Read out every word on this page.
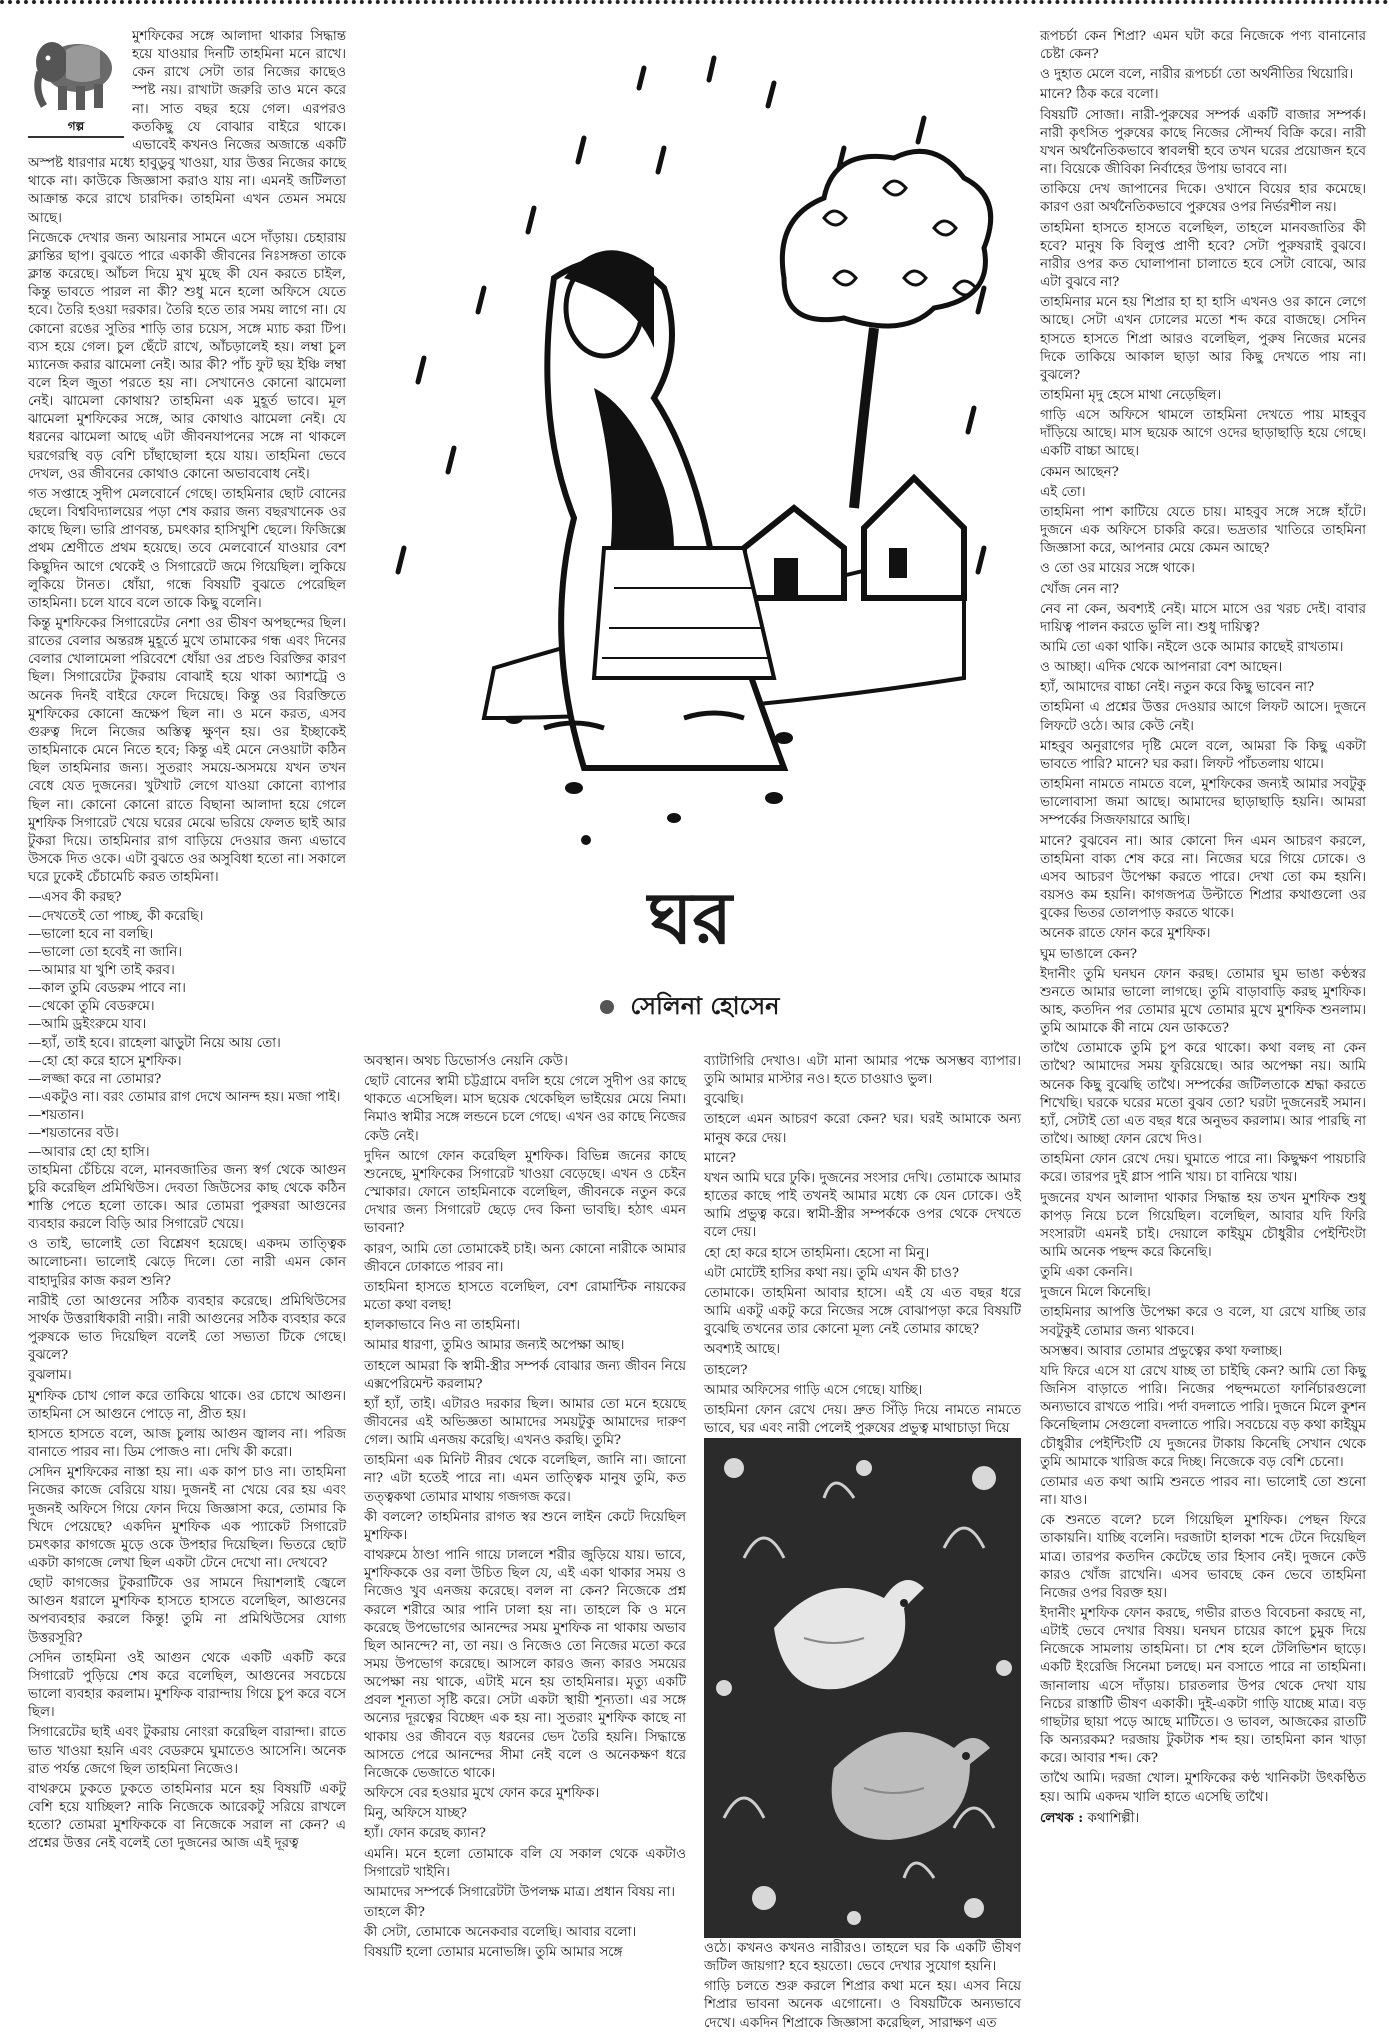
গল্প

মুশফিকের সঙ্গে আলাদা থাকার সিদ্ধান্ত হয়ে যাওয়ার দিনটি তাহমিনা মনে রাখে। কেন রাখে সেটা তার নিজের কাছেও স্পষ্ট নয়। রাখাটা জরুরি তাও মনে করে না। সাত বছর হয়ে গেল। এরপরও কতকিছু যে বোঝার বাইরে থাকে। এভাবেই কখনও নিজের অজান্তে একটি অস্পষ্ট ধারণার মধ্যে হাবুডুবু খাওয়া, যার উত্তর নিজের কাছে থাকে না। কাউকে জিজ্ঞাসা করাও যায় না। এমনই জটিলতা আক্রান্ত করে রাখে চারদিক। তাহমিনা এখন তেমন সময়ে আছে।

নিজেকে দেখার জন্য আয়নার সামনে এসে দাঁড়ায়। চেহারায় ক্লান্তির ছাপ। বুঝতে পারে একাকী জীবনের নিঃসঙ্গতা তাকে ক্লান্ত করেছে। আঁচল দিয়ে মুখ মুছে কী যেন করতে চাইল, কিন্তু ভাবতে পারল না কী? শুধু মনে হলো অফিসে যেতে হবে। তৈরি হওয়া দরকার। তৈরি হতে তার সময় লাগে না। যে কোনো রঙের সুতির শাড়ি তার চয়েস, সঙ্গে ম্যাচ করা টিপ। ব্যস হয়ে গেল। চুল ছেঁটে রাখে, আঁচড়ালেই হয়। লম্বা চুল ম্যানেজ করার ঝামেলা নেই। আর কী? পাঁচ ফুট ছয় ইঞ্চি লম্বা বলে হিল জুতা পরতে হয় না। সেখানেও কোনো ঝামেলা নেই। ঝামেলা কোথায়? তাহমিনা এক মুহূর্ত ভাবে। মূল ঝামেলা মুশফিকের সঙ্গে, আর কোথাও ঝামেলা নেই। যে ধরনের ঝামেলা আছে এটা জীবনযাপনের সঙ্গে না থাকলে ঘরগেরস্থি বড় বেশি চাঁছাছোলা হয়ে যায়। তাহমিনা ভেবে দেখল, ওর জীবনের কোথাও কোনো অভাববোধ নেই।

গত সপ্তাহে সুদীপ মেলবোর্নে গেছে। তাহমিনার ছোট বোনের ছেলে। বিশ্ববিদ্যালয়ের পড়া শেষ করার জন্য বছরখানেক ওর কাছে ছিল। ভারি প্রাণবন্ত, চমৎকার হাসিখুশি ছেলে। ফিজিক্সে প্রথম শ্রেণীতে প্রথম হয়েছে। তবে মেলবোর্নে যাওয়ার বেশ কিছুদিন আগে থেকেই ও সিগারেটে জমে গিয়েছিল। লুকিয়ে লুকিয়ে টানত। ধোঁয়া, গন্ধে বিষয়টি বুঝতে পেরেছিল তাহমিনা। চলে যাবে বলে তাকে কিছু বলেনি।

কিন্তু মুশফিকের সিগারেটের নেশা ওর ভীষণ অপছন্দের ছিল। রাতের বেলার অন্তরঙ্গ মুহূর্তে মুখে তামাকের গন্ধ এবং দিনের বেলার খোলামেলা পরিবেশে ধোঁয়া ওর প্রচণ্ড বিরক্তির কারণ ছিল। সিগারেটের টুকরায় বোঝাই হয়ে থাকা অ্যাশট্রে ও অনেক দিনই বাইরে ফেলে দিয়েছে। কিন্তু ওর বিরক্তিতে মুশফিকের কোনো ভ্রূক্ষেপ ছিল না। ও মনে করত, এসব গুরুত্ব দিলে নিজের অস্তিত্ব ক্ষুণ্ন হয়। ওর ইচ্ছাকেই তাহমিনাকে মেনে নিতে হবে; কিন্তু এই মেনে নেওয়াটা কঠিন ছিল তাহমিনার জন্য। সুতরাং সময়ে-অসময়ে যখন তখন বেধে যেত দুজনের। খুটখাট লেগে যাওয়া কোনো ব্যাপার ছিল না। কোনো কোনো রাতে বিছানা আলাদা হয়ে গেলে মুশফিক সিগারেট খেয়ে ঘরের মেঝে ভরিয়ে ফেলত ছাই আর টুকরা দিয়ে। তাহমিনার রাগ বাড়িয়ে দেওয়ার জন্য এভাবে উসকে দিত ওকে। এটা বুঝতে ওর অসুবিধা হতো না। সকালে ঘরে ঢুকেই চেঁচামেচি করত তাহমিনা।

—এসব কী করছ?
—দেখতেই তো পাচ্ছ, কী করেছি।
—ভালো হবে না বলছি।
—ভালো তো হবেই না জানি।
—আমার যা খুশি তাই করব।
—কাল তুমি বেডরুম পাবে না।
—থেকো তুমি বেডরুমে।
—আমি ড্রইংরুমে যাব।
—হ্যাঁ, তাই হবে। রাহেলা ঝাড়ুটা নিয়ে আয় তো।
—হো হো করে হাসে মুশফিক।
—লজ্জা করে না তোমার?
—একটুও না। বরং তোমার রাগ দেখে আনন্দ হয়। মজা পাই।
—শয়তান।
—শয়তানের বউ।
—আবার হো হো হাসি।

তাহমিনা চেঁচিয়ে বলে, মানবজাতির জন্য স্বর্গ থেকে আগুন চুরি করেছিল প্রমিথিউস। দেবতা জিউসের কাছ থেকে কঠিন শাস্তি পেতে হলো তাকে। আর তোমরা পুরুষরা আগুনের ব্যবহার করলে বিড়ি আর সিগারেট খেয়ে।

ও তাই, ভালোই তো বিশ্লেষণ হয়েছে। একদম তাত্ত্বিক আলোচনা। ভালোই ঝেড়ে দিলে। তো নারী এমন কোন বাহাদুরির কাজ করল শুনি?

নারীই তো আগুনের সঠিক ব্যবহার করেছে। প্রমিথিউসের সার্থক উত্তরাধিকারী নারী। নারী আগুনের সঠিক ব্যবহার করে পুরুষকে ভাত দিয়েছিল বলেই তো সভ্যতা টিকে গেছে। বুঝলে?

বুঝলাম।

মুশফিক চোখ গোল করে তাকিয়ে থাকে। ওর চোখে আগুন। তাহমিনা সে আগুনে পোড়ে না, প্রীত হয়।

হাসতে হাসতে বলে, আজ চুলায় আগুন জ্বালব না। পরিজ বানাতে পারব না। ডিম পোজও না। দেখি কী করো।

সেদিন মুশফিকের নাস্তা হয় না। এক কাপ চাও না। তাহমিনা নিজের কাজে বেরিয়ে যায়। দুজনই না খেয়ে বের হয় এবং দুজনই অফিসে গিয়ে ফোন দিয়ে জিজ্ঞাসা করে, তোমার কি খিদে পেয়েছে? একদিন মুশফিক এক প্যাকেট সিগারেট চমৎকার কাগজে মুড়ে ওকে উপহার দিয়েছিল। ভিতরে ছোট একটা কাগজে লেখা ছিল একটা টেনে দেখো না। দেখবে?

ছোট কাগজের টুকরাটিকে ওর সামনে দিয়াশলাই জ্বেলে আগুন ধরালে মুশফিক হাসতে হাসতে বলেছিল, আগুনের অপব্যবহার করলে কিন্তু! তুমি না প্রমিথিউসের যোগ্য উত্তরসূরি?

সেদিন তাহমিনা ওই আগুন থেকে একটি একটি করে সিগারেট পুড়িয়ে শেষ করে বলেছিল, আগুনের সবচেয়ে ভালো ব্যবহার করলাম। মুশফিক বারান্দায় গিয়ে চুপ করে বসে ছিল।

সিগারেটের ছাই এবং টুকরায় নোংরা করেছিল বারান্দা। রাতে ভাত খাওয়া হয়নি এবং বেডরুমে ঘুমাতেও আসেনি। অনেক রাত পর্যন্ত জেগে ছিল তাহমিনা নিজেও।

বাথরুমে ঢুকতে ঢুকতে তাহমিনার মনে হয় বিষয়টি একটু বেশি হয়ে যাচ্ছিল? নাকি নিজেকে আরেকটু সরিয়ে রাখলে হতো? তোমরা মুশফিককে বা নিজেকে সরাল না কেন? এ প্রশ্নের উত্তর নেই বলেই তো দুজনের আজ এই দূরত্ব

ঘর
সেলিনা হোসেন

অবস্থান। অথচ ডিভোর্সও নেয়নি কেউ।

ছোট বোনের স্বামী চট্টগ্রামে বদলি হয়ে গেলে সুদীপ ওর কাছে থাকতে এসেছিল। মাস ছয়েক থেকেছিল ভাইয়ের মেয়ে নিমা। নিমাও স্বামীর সঙ্গে লন্ডনে চলে গেছে। এখন ওর কাছে নিজের কেউ নেই।

দুদিন আগে ফোন করেছিল মুশফিক। বিভিন্ন জনের কাছে শুনেছে, মুশফিকের সিগারেট খাওয়া বেড়েছে। এখন ও চেইন স্মোকার। ফোনে তাহমিনাকে বলেছিল, জীবনকে নতুন করে দেখার জন্য সিগারেট ছেড়ে দেব কিনা ভাবছি। হঠাৎ এমন ভাবনা?

কারণ, আমি তো তোমাকেই চাই। অন্য কোনো নারীকে আমার জীবনে ঢোকাতে পারব না।

তাহমিনা হাসতে হাসতে বলেছিল, বেশ রোমান্টিক নায়কের মতো কথা বলছ!

হালকাভাবে নিও না তাহমিনা।

আমার ধারণা, তুমিও আমার জন্যই অপেক্ষা আছ।

তাহলে আমরা কি স্বামী-স্ত্রীর সম্পর্ক বোঝার জন্য জীবন নিয়ে এক্সপেরিমেন্ট করলাম?

হ্যাঁ হ্যাঁ, তাই। এটারও দরকার ছিল। আমার তো মনে হয়েছে জীবনের এই অভিজ্ঞতা আমাদের সময়টুকু আমাদের দারুণ গেল। আমি এনজয় করেছি। এখনও করছি। তুমি?

তাহমিনা এক মিনিট নীরব থেকে বলেছিল, জানি না। জানো না? এটা হতেই পারে না। এমন তাত্ত্বিক মানুষ তুমি, কত তত্ত্বকথা তোমার মাথায় গজগজ করে।

কী বললে? তাহমিনার রাগত স্বর শুনে লাইন কেটে দিয়েছিল মুশফিক।

বাথরুমে ঠাণ্ডা পানি গায়ে ঢাললে শরীর জুড়িয়ে যায়। ভাবে, মুশফিককে ওর বলা উচিত ছিল যে, এই একা থাকার সময় ও নিজেও খুব এনজয় করেছে। বলল না কেন? নিজেকে প্রশ্ন করলে শরীরে আর পানি ঢালা হয় না। তাহলে কি ও মনে করেছে উপভোগের আনন্দের সময় মুশফিক না থাকায় অভাব ছিল আনন্দে? না, তা নয়। ও নিজেও তো নিজের মতো করে সময় উপভোগ করেছে। আসলে কারও জন্য কারও সময়ের অপেক্ষা নয় থাকে, এটাই মনে হয় তাহমিনার। মৃত্যু একটি প্রবল শূন্যতা সৃষ্টি করে। সেটা একটা স্থায়ী শূন্যতা। এর সঙ্গে অন্যের দূরত্বের বিচ্ছেদ এক হয় না। সুতরাং মুশফিক কাছে না থাকায় ওর জীবনে বড় ধরনের ভেদ তৈরি হয়নি। সিদ্ধান্তে আসতে পেরে আনন্দের সীমা নেই বলে ও অনেকক্ষণ ধরে নিজেকে ভেজাতে থাকে।

অফিসে বের হওয়ার মুখে ফোন করে মুশফিক।

মিনু, অফিসে যাচ্ছ?

হ্যাঁ। ফোন করেছ ক্যান?

এমনি। মনে হলো তোমাকে বলি যে সকাল থেকে একটাও সিগারেট খাইনি।

আমাদের সম্পর্কে সিগারেটটা উপলক্ষ মাত্র। প্রধান বিষয় না।

তাহলে কী?

কী সেটা, তোমাকে অনেকবার বলেছি। আবার বলো।

বিষয়টি হলো তোমার মনোভঙ্গি। তুমি আমার সঙ্গে

ব্যাটাগিরি দেখাও। এটা মানা আমার পক্ষে অসম্ভব ব্যাপার। তুমি আমার মাস্টার নও। হতে চাওয়াও ভুল।

বুঝেছি।

তাহলে এমন আচরণ করো কেন? ঘর। ঘরই আমাকে অন্য মানুষ করে দেয়।

মানে?

যখন আমি ঘরে ঢুকি। দুজনের সংসার দেখি। তোমাকে আমার হাতের কাছে পাই তখনই আমার মধ্যে কে যেন ঢোকে। ওই আমি প্রভুত্ব করে। স্বামী-স্ত্রীর সম্পর্ককে ওপর থেকে দেখতে বলে দেয়।

হো হো করে হাসে তাহমিনা। হেসো না মিনু।

এটা মোটেই হাসির কথা নয়। তুমি এখন কী চাও?

তোমাকে। তাহমিনা আবার হাসে। এই যে এত বছর ধরে আমি একটু একটু করে নিজের সঙ্গে বোঝাপড়া করে বিষয়টি বুঝেছি তখনের তার কোনো মূল্য নেই তোমার কাছে?

অবশ্যই আছে।

তাহলে?

আমার অফিসের গাড়ি এসে গেছে। যাচ্ছি।

তাহমিনা ফোন রেখে দেয়। দ্রুত সিঁড়ি দিয়ে নামতে নামতে ভাবে, ঘর এবং নারী পেলেই পুরুষের প্রভুত্ব মাথাচাড়া দিয়ে

ওঠে। কখনও কখনও নারীরও। তাহলে ঘর কি একটি ভীষণ জটিল জায়গা? হবে হয়তো। ভেবে দেখার সুযোগ হয়নি।

গাড়ি চলতে শুরু করলে শিপ্রার কথা মনে হয়। এসব নিয়ে শিপ্রার ভাবনা অনেক এগোনো। ও বিষয়টিকে অন্যভাবে দেখে। একদিন শিপ্রাকে জিজ্ঞাসা করেছিল, সারাক্ষণ এত

রূপচর্চা কেন শিপ্রা? এমন ঘটা করে নিজেকে পণ্য বানানোর চেষ্টা কেন?

ও দুহাত মেলে বলে, নারীর রূপচর্চা তো অর্থনীতির থিয়োরি।

মানে? ঠিক করে বলো।

বিষয়টি সোজা। নারী-পুরুষের সম্পর্ক একটি বাজার সম্পর্ক। নারী কৃৎসিত পুরুষের কাছে নিজের সৌন্দর্য বিক্রি করে। নারী যখন অর্থনৈতিকভাবে স্বাবলম্বী হবে তখন ঘরের প্রয়োজন হবে না। বিয়েকে জীবিকা নির্বাহের উপায় ভাববে না।

তাকিয়ে দেখ জাপানের দিকে। ওখানে বিয়ের হার কমেছে। কারণ ওরা অর্থনৈতিকভাবে পুরুষের ওপর নির্ভরশীল নয়।

তাহমিনা হাসতে হাসতে বলেছিল, তাহলে মানবজাতির কী হবে? মানুষ কি বিলুপ্ত প্রাণী হবে? সেটা পুরুষরাই বুঝবে। নারীর ওপর কত ঘোলাপানা চালাতে হবে সেটা বোঝে, আর এটা বুঝবে না?

তাহমিনার মনে হয় শিপ্রার হা হা হাসি এখনও ওর কানে লেগে আছে। সেটা এখন ঢোলের মতো শব্দ করে বাজছে। সেদিন হাসতে হাসতে শিপ্রা আরও বলেছিল, পুরুষ নিজের মনের দিকে তাকিয়ে আকাল ছাড়া আর কিছু দেখতে পায় না। বুঝলে?

তাহমিনা মৃদু হেসে মাথা নেড়েছিল।

গাড়ি এসে অফিসে থামলে তাহমিনা দেখতে পায় মাহবুব দাঁড়িয়ে আছে। মাস ছয়েক আগে ওদের ছাড়াছাড়ি হয়ে গেছে। একটি বাচ্চা আছে।

কেমন আছেন?

এই তো।

তাহমিনা পাশ কাটিয়ে যেতে চায়। মাহবুব সঙ্গে সঙ্গে হাঁটে। দুজনে এক অফিসে চাকরি করে। ভদ্রতার খাতিরে তাহমিনা জিজ্ঞাসা করে, আপনার মেয়ে কেমন আছে?

ও তো ওর মায়ের সঙ্গে থাকে।

খোঁজ নেন না?

নেব না কেন, অবশ্যই নেই। মাসে মাসে ওর খরচ দেই। বাবার দায়িত্ব পালন করতে ভুলি না। শুধু দায়িত্ব?

আমি তো একা থাকি। নইলে ওকে আমার কাছেই রাখতাম।

ও আচ্ছা। এদিক থেকে আপনারা বেশ আছেন।

হ্যাঁ, আমাদের বাচ্চা নেই। নতুন করে কিছু ভাবেন না?

তাহমিনা এ প্রশ্নের উত্তর দেওয়ার আগে লিফট আসে। দুজনে লিফটে ওঠে। আর কেউ নেই।

মাহবুব অনুরাগের দৃষ্টি মেলে বলে, আমরা কি কিছু একটা ভাবতে পারি? মানে? ঘর করা। লিফট পাঁচতলায় থামে।

তাহমিনা নামতে নামতে বলে, মুশফিকের জন্যই আমার সবটুকু ভালোবাসা জমা আছে। আমাদের ছাড়াছাড়ি হয়নি। আমরা সম্পর্কের সিজফায়ারে আছি।

মানে? বুঝবেন না। আর কোনো দিন এমন আচরণ করলে, তাহমিনা বাক্য শেষ করে না। নিজের ঘরে গিয়ে ঢোকে। ও এসব আচরণ উপেক্ষা করতে পারে। দেখা তো কম হয়নি। বয়সও কম হয়নি। কাগজপত্র উল্টাতে শিপ্রার কথাগুলো ওর বুকের ভিতর তোলপাড় করতে থাকে।

অনেক রাতে ফোন করে মুশফিক।

ঘুম ভাঙালে কেন?

ইদানীং তুমি ঘনঘন ফোন করছ। তোমার ঘুম ভাঙা কণ্ঠস্বর শুনতে আমার ভালো লাগছে। তুমি বাড়াবাড়ি করছ মুশফিক। আহ, কতদিন পর তোমার মুখে তোমার মুখে মুশফিক শুনলাম। তুমি আমাকে কী নামে যেন ডাকতে?

তাথৈ তোমাকে তুমি চুপ করে থাকো। কথা বলছ না কেন তাথৈ? আমাদের সময় ফুরিয়েছে। আর অপেক্ষা নয়। আমি অনেক কিছু বুঝেছি তাথৈ। সম্পর্কের জটিলতাকে শ্রদ্ধা করতে শিখেছি। ঘরকে ঘরের মতো বুঝব তো? ঘরটা দুজনেরই সমান। হ্যাঁ, সেটাই তো এত বছর ধরে অনুভব করলাম। আর পারছি না তাথৈ। আচ্ছা ফোন রেখে দিও।

তাহমিনা ফোন রেখে দেয়। ঘুমাতে পারে না। কিছুক্ষণ পায়চারি করে। তারপর দুই গ্লাস পানি খায়। চা বানিয়ে খায়।

দুজনের যখন আলাদা থাকার সিদ্ধান্ত হয় তখন মুশফিক শুধু কাপড় নিয়ে চলে গিয়েছিল। বলেছিল, আবার যদি ফিরি সংসারটা এমনই চাই। দেয়ালে কাইয়ুম চৌধুরীর পেইন্টিংটা আমি অনেক পছন্দ করে কিনেছি।

তুমি একা কেননি।

দুজনে মিলে কিনেছি।

তাহমিনার আপত্তি উপেক্ষা করে ও বলে, যা রেখে যাচ্ছি তার সবটুকুই তোমার জন্য থাকবে।

অসম্ভব। আবার তোমার প্রভুত্বের কথা ফলাচ্ছ।

যদি ফিরে এসে যা রেখে যাচ্ছ তা চাইছি কেন? আমি তো কিছু জিনিস বাড়াতে পারি। নিজের পছন্দমতো ফার্নিচারগুলো অন্যভাবে রাখতে পারি। পর্দা বদলাতে পারি। দুজনে মিলে কুশন কিনেছিলাম সেগুলো বদলাতে পারি। সবচেয়ে বড় কথা কাইয়ুম চৌধুরীর পেইন্টিংটি যে দুজনের টাকায় কিনেছি সেখান থেকে তুমি আমাকে খারিজ করে দিচ্ছ। নিজেকে বড় বেশি চেনো।

তোমার এত কথা আমি শুনতে পারব না। ভালোই তো শুনো না। যাও।

কে শুনতে বলে? চলে গিয়েছিল মুশফিক। পেছন ফিরে তাকায়নি। যাচ্ছি বলেনি। দরজাটা হালকা শব্দে টেনে দিয়েছিল মাত্র। তারপর কতদিন কেটেছে তার হিসাব নেই। দুজনে কেউ কারও খোঁজ রাখেনি। এসব ভাবছে কেন ভেবে তাহমিনা নিজের ওপর বিরক্ত হয়।

ইদানীং মুশফিক ফোন করছে, গভীর রাতও বিবেচনা করছে না, এটাই ভেবে দেখার বিষয়। ঘনঘন চায়ের কাপে চুমুক দিয়ে নিজেকে সামলায় তাহমিনা। চা শেষ হলে টেলিভিশন ছাড়ে। একটি ইংরেজি সিনেমা চলছে। মন বসাতে পারে না তাহমিনা। জানালায় এসে দাঁড়ায়। চারতলার উপর থেকে দেখা যায় নিচের রাস্তাটি ভীষণ একাকী। দুই-একটা গাড়ি যাচ্ছে মাত্র। বড় গাছটার ছায়া পড়ে আছে মাটিতে। ও ভাবল, আজকের রাতটি কি অন্যরকম? দরজায় টুকটাক শব্দ হয়। তাহমিনা কান খাড়া করে। আবার শব্দ। কে?

তাথৈ আমি। দরজা খোল। মুশফিকের কণ্ঠ খানিকটা উৎকণ্ঠিত হয়। আমি একদম খালি হাতে এসেছি তাথৈ।

লেখক : কথাশিল্পী।
